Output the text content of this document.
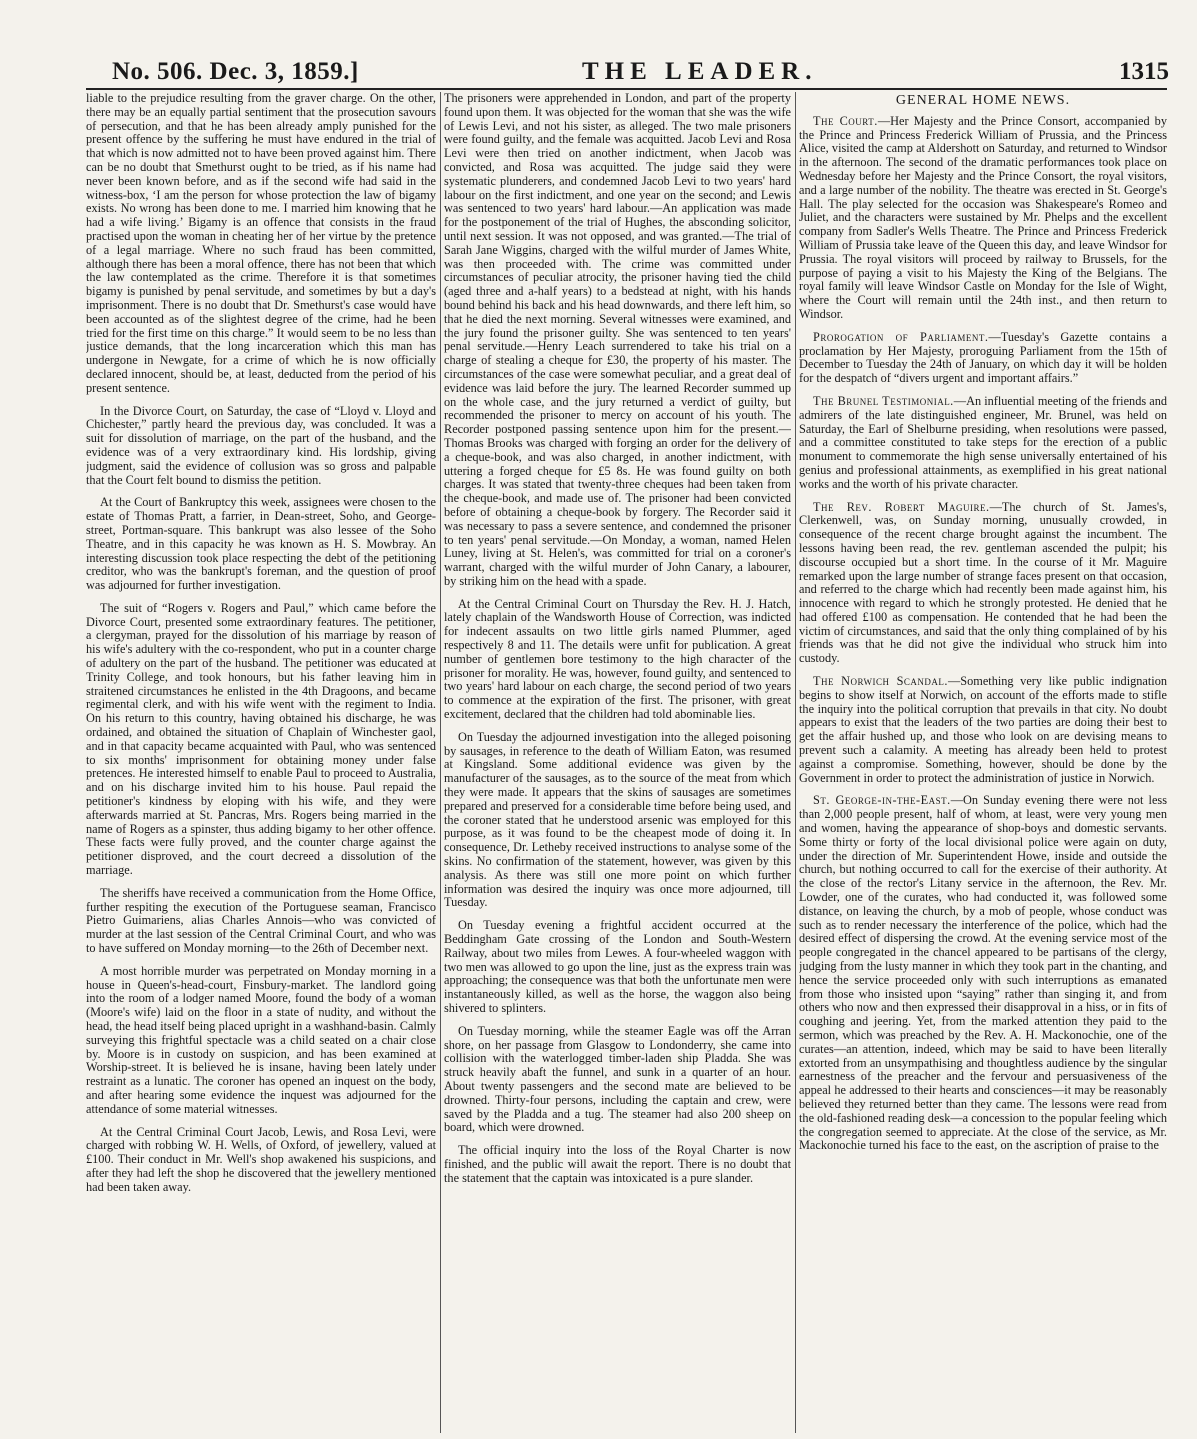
No. 506. Dec. 3, 1859.]	THE LEADER.	1315

liable to the prejudice resulting from the graver charge. On the other, there may be an equally partial sentiment that the prosecution savours of persecution, and that he has been already amply punished for the present offence by the suffering he must have endured in the trial of that which is now admitted not to have been proved against him. There can be no doubt that Smethurst ought to be tried, as if his name had never been known before, and as if the second wife had said in the witness-box, ‘I am the person for whose protection the law of bigamy exists. No wrong has been done to me. I married him knowing that he had a wife living.’ Bigamy is an offence that consists in the fraud practised upon the woman in cheating her of her virtue by the pretence of a legal marriage. Where no such fraud has been committed, although there has been a moral offence, there has not been that which the law contemplated as the crime. Therefore it is that sometimes bigamy is punished by penal servitude, and sometimes by but a day's imprisonment. There is no doubt that Dr. Smethurst's case would have been accounted as of the slightest degree of the crime, had he been tried for the first time on this charge.” It would seem to be no less than justice demands, that the long incarceration which this man has undergone in Newgate, for a crime of which he is now officially declared innocent, should be, at least, deducted from the period of his present sentence.

In the Divorce Court, on Saturday, the case of “Lloyd v. Lloyd and Chichester,” partly heard the previous day, was concluded. It was a suit for dissolution of marriage, on the part of the husband, and the evidence was of a very extraordinary kind. His lordship, giving judgment, said the evidence of collusion was so gross and palpable that the Court felt bound to dismiss the petition.

At the Court of Bankruptcy this week, assignees were chosen to the estate of Thomas Pratt, a farrier, in Dean-street, Soho, and George-street, Portman-square. This bankrupt was also lessee of the Soho Theatre, and in this capacity he was known as H. S. Mowbray. An interesting discussion took place respecting the debt of the petitioning creditor, who was the bankrupt's foreman, and the question of proof was adjourned for further investigation.

The suit of “Rogers v. Rogers and Paul,” which came before the Divorce Court, presented some extraordinary features. The petitioner, a clergyman, prayed for the dissolution of his marriage by reason of his wife's adultery with the co-respondent, who put in a counter charge of adultery on the part of the husband. The petitioner was educated at Trinity College, and took honours, but his father leaving him in straitened circumstances he enlisted in the 4th Dragoons, and became regimental clerk, and with his wife went with the regiment to India. On his return to this country, having obtained his discharge, he was ordained, and obtained the situation of Chaplain of Winchester gaol, and in that capacity became acquainted with Paul, who was sentenced to six months' imprisonment for obtaining money under false pretences. He interested himself to enable Paul to proceed to Australia, and on his discharge invited him to his house. Paul repaid the petitioner's kindness by eloping with his wife, and they were afterwards married at St. Pancras, Mrs. Rogers being married in the name of Rogers as a spinster, thus adding bigamy to her other offence. These facts were fully proved, and the counter charge against the petitioner disproved, and the court decreed a dissolution of the marriage.

The sheriffs have received a communication from the Home Office, further respiting the execution of the Portuguese seaman, Francisco Pietro Guimariens, alias Charles Annois—who was convicted of murder at the last session of the Central Criminal Court, and who was to have suffered on Monday morning—to the 26th of December next.

A most horrible murder was perpetrated on Monday morning in a house in Queen's-head-court, Finsbury-market. The landlord going into the room of a lodger named Moore, found the body of a woman (Moore's wife) laid on the floor in a state of nudity, and without the head, the head itself being placed upright in a washhand-basin. Calmly surveying this frightful spectacle was a child seated on a chair close by. Moore is in custody on suspicion, and has been examined at Worship-street. It is believed he is insane, having been lately under restraint as a lunatic. The coroner has opened an inquest on the body, and after hearing some evidence the inquest was adjourned for the attendance of some material witnesses.

At the Central Criminal Court Jacob, Lewis, and Rosa Levi, were charged with robbing W. H. Wells, of Oxford, of jewellery, valued at £100. Their conduct in Mr. Well's shop awakened his suspicions, and after they had left the shop he discovered that the jewellery mentioned had been taken away.

The prisoners were apprehended in London, and part of the property found upon them. It was objected for the woman that she was the wife of Lewis Levi, and not his sister, as alleged. The two male prisoners were found guilty, and the female was acquitted. Jacob Levi and Rosa Levi were then tried on another indictment, when Jacob was convicted, and Rosa was acquitted. The judge said they were systematic plunderers, and condemned Jacob Levi to two years' hard labour on the first indictment, and one year on the second; and Lewis was sentenced to two years' hard labour.—An application was made for the postponement of the trial of Hughes, the absconding solicitor, until next session. It was not opposed, and was granted.—The trial of Sarah Jane Wiggins, charged with the wilful murder of James White, was then proceeded with. The crime was committed under circumstances of peculiar atrocity, the prisoner having tied the child (aged three and a-half years) to a bedstead at night, with his hands bound behind his back and his head downwards, and there left him, so that he died the next morning. Several witnesses were examined, and the jury found the prisoner guilty. She was sentenced to ten years' penal servitude.—Henry Leach surrendered to take his trial on a charge of stealing a cheque for £30, the property of his master. The circumstances of the case were somewhat peculiar, and a great deal of evidence was laid before the jury. The learned Recorder summed up on the whole case, and the jury returned a verdict of guilty, but recommended the prisoner to mercy on account of his youth. The Recorder postponed passing sentence upon him for the present.—Thomas Brooks was charged with forging an order for the delivery of a cheque-book, and was also charged, in another indictment, with uttering a forged cheque for £5 8s. He was found guilty on both charges. It was stated that twenty-three cheques had been taken from the cheque-book, and made use of. The prisoner had been convicted before of obtaining a cheque-book by forgery. The Recorder said it was necessary to pass a severe sentence, and condemned the prisoner to ten years' penal servitude.—On Monday, a woman, named Helen Luney, living at St. Helen's, was committed for trial on a coroner's warrant, charged with the wilful murder of John Canary, a labourer, by striking him on the head with a spade.

At the Central Criminal Court on Thursday the Rev. H. J. Hatch, lately chaplain of the Wandsworth House of Correction, was indicted for indecent assaults on two little girls named Plummer, aged respectively 8 and 11. The details were unfit for publication. A great number of gentlemen bore testimony to the high character of the prisoner for morality. He was, however, found guilty, and sentenced to two years' hard labour on each charge, the second period of two years to commence at the expiration of the first. The prisoner, with great excitement, declared that the children had told abominable lies.

On Tuesday the adjourned investigation into the alleged poisoning by sausages, in reference to the death of William Eaton, was resumed at Kingsland. Some additional evidence was given by the manufacturer of the sausages, as to the source of the meat from which they were made. It appears that the skins of sausages are sometimes prepared and preserved for a considerable time before being used, and the coroner stated that he understood arsenic was employed for this purpose, as it was found to be the cheapest mode of doing it. In consequence, Dr. Letheby received instructions to analyse some of the skins. No confirmation of the statement, however, was given by this analysis. As there was still one more point on which further information was desired the inquiry was once more adjourned, till Tuesday.

On Tuesday evening a frightful accident occurred at the Beddingham Gate crossing of the London and South-Western Railway, about two miles from Lewes. A four-wheeled waggon with two men was allowed to go upon the line, just as the express train was approaching; the consequence was that both the unfortunate men were instantaneously killed, as well as the horse, the waggon also being shivered to splinters.

On Tuesday morning, while the steamer Eagle was off the Arran shore, on her passage from Glasgow to Londonderry, she came into collision with the waterlogged timber-laden ship Pladda. She was struck heavily abaft the funnel, and sunk in a quarter of an hour. About twenty passengers and the second mate are believed to be drowned. Thirty-four persons, including the captain and crew, were saved by the Pladda and a tug. The steamer had also 200 sheep on board, which were drowned.

The official inquiry into the loss of the Royal Charter is now finished, and the public will await the report. There is no doubt that the statement that the captain was intoxicated is a pure slander.

GENERAL HOME NEWS.

The Court.—Her Majesty and the Prince Consort, accompanied by the Prince and Princess Frederick William of Prussia, and the Princess Alice, visited the camp at Aldershott on Saturday, and returned to Windsor in the afternoon. The second of the dramatic performances took place on Wednesday before her Majesty and the Prince Consort, the royal visitors, and a large number of the nobility. The theatre was erected in St. George's Hall. The play selected for the occasion was Shakespeare's Romeo and Juliet, and the characters were sustained by Mr. Phelps and the excellent company from Sadler's Wells Theatre. The Prince and Princess Frederick William of Prussia take leave of the Queen this day, and leave Windsor for Prussia. The royal visitors will proceed by railway to Brussels, for the purpose of paying a visit to his Majesty the King of the Belgians. The royal family will leave Windsor Castle on Monday for the Isle of Wight, where the Court will remain until the 24th inst., and then return to Windsor.

Prorogation of Parliament.—Tuesday's Gazette contains a proclamation by Her Majesty, proroguing Parliament from the 15th of December to Tuesday the 24th of January, on which day it will be holden for the despatch of “divers urgent and important affairs.”

The Brunel Testimonial.—An influential meeting of the friends and admirers of the late distinguished engineer, Mr. Brunel, was held on Saturday, the Earl of Shelburne presiding, when resolutions were passed, and a committee constituted to take steps for the erection of a public monument to commemorate the high sense universally entertained of his genius and professional attainments, as exemplified in his great national works and the worth of his private character.

The Rev. Robert Maguire.—The church of St. James's, Clerkenwell, was, on Sunday morning, unusually crowded, in consequence of the recent charge brought against the incumbent. The lessons having been read, the rev. gentleman ascended the pulpit; his discourse occupied but a short time. In the course of it Mr. Maguire remarked upon the large number of strange faces present on that occasion, and referred to the charge which had recently been made against him, his innocence with regard to which he strongly protested. He denied that he had offered £100 as compensation. He contended that he had been the victim of circumstances, and said that the only thing complained of by his friends was that he did not give the individual who struck him into custody.

The Norwich Scandal.—Something very like public indignation begins to show itself at Norwich, on account of the efforts made to stifle the inquiry into the political corruption that prevails in that city. No doubt appears to exist that the leaders of the two parties are doing their best to get the affair hushed up, and those who look on are devising means to prevent such a calamity. A meeting has already been held to protest against a compromise. Something, however, should be done by the Government in order to protect the administration of justice in Norwich.

St. George-in-the-East.—On Sunday evening there were not less than 2,000 people present, half of whom, at least, were very young men and women, having the appearance of shop-boys and domestic servants. Some thirty or forty of the local divisional police were again on duty, under the direction of Mr. Superintendent Howe, inside and outside the church, but nothing occurred to call for the exercise of their authority. At the close of the rector's Litany service in the afternoon, the Rev. Mr. Lowder, one of the curates, who had conducted it, was followed some distance, on leaving the church, by a mob of people, whose conduct was such as to render necessary the interference of the police, which had the desired effect of dispersing the crowd. At the evening service most of the people congregated in the chancel appeared to be partisans of the clergy, judging from the lusty manner in which they took part in the chanting, and hence the service proceeded only with such interruptions as emanated from those who insisted upon “saying” rather than singing it, and from others who now and then expressed their disapproval in a hiss, or in fits of coughing and jeering. Yet, from the marked attention they paid to the sermon, which was preached by the Rev. A. H. Mackonochie, one of the curates—an attention, indeed, which may be said to have been literally extorted from an unsympathising and thoughtless audience by the singular earnestness of the preacher and the fervour and persuasiveness of the appeal he addressed to their hearts and consciences—it may be reasonably believed they returned better than they came. The lessons were read from the old-fashioned reading desk—a concession to the popular feeling which the congregation seemed to appreciate. At the close of the service, as Mr. Mackonochie turned his face to the east, on the ascription of praise to the
